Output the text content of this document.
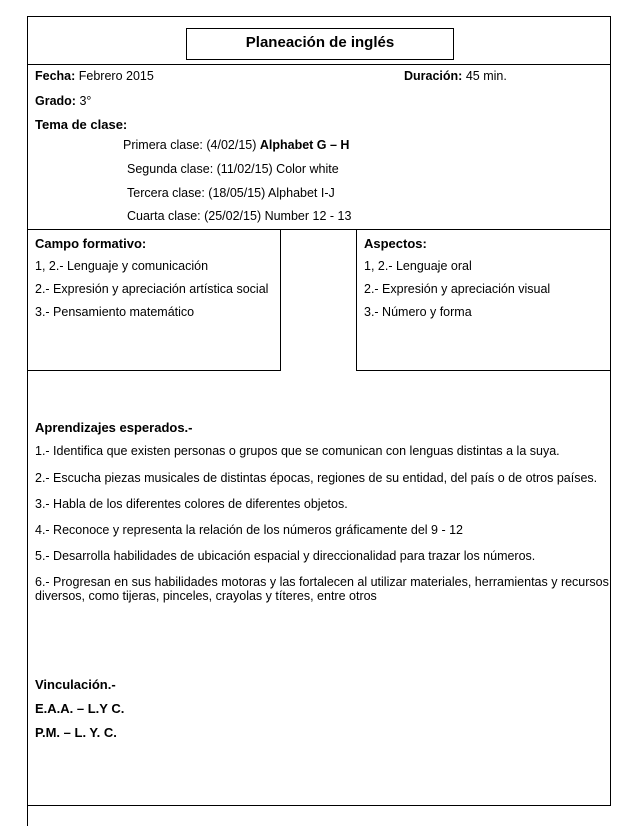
Planeación de inglés
Fecha: Febrero 2015	Duración: 45 min.
Grado: 3°
Tema de clase:
Primera clase: (4/02/15) Alphabet G – H
Segunda clase: (11/02/15) Color white
Tercera clase: (18/05/15) Alphabet I-J
Cuarta clase: (25/02/15) Number 12 - 13
Campo formativo:
1, 2.- Lenguaje y comunicación
2.- Expresión y apreciación artística social
3.- Pensamiento matemático
Aspectos:
1, 2.- Lenguaje oral
2.- Expresión y apreciación visual
3.- Número y forma
Aprendizajes esperados.-
1.- Identifica que existen personas o grupos que se comunican con lenguas distintas a la suya.
2.- Escucha piezas musicales de distintas épocas, regiones de su entidad, del país o de otros países.
3.- Habla de los diferentes colores de diferentes objetos.
4.- Reconoce y representa la relación de los números gráficamente del 9 - 12
5.- Desarrolla habilidades de ubicación espacial y direccionalidad para trazar los números.
6.- Progresan en sus habilidades motoras y las fortalecen al utilizar materiales, herramientas y recursos diversos, como tijeras, pinceles, crayolas y títeres, entre otros
Vinculación.-
E.A.A. – L.Y C.
P.M. – L. Y. C.
